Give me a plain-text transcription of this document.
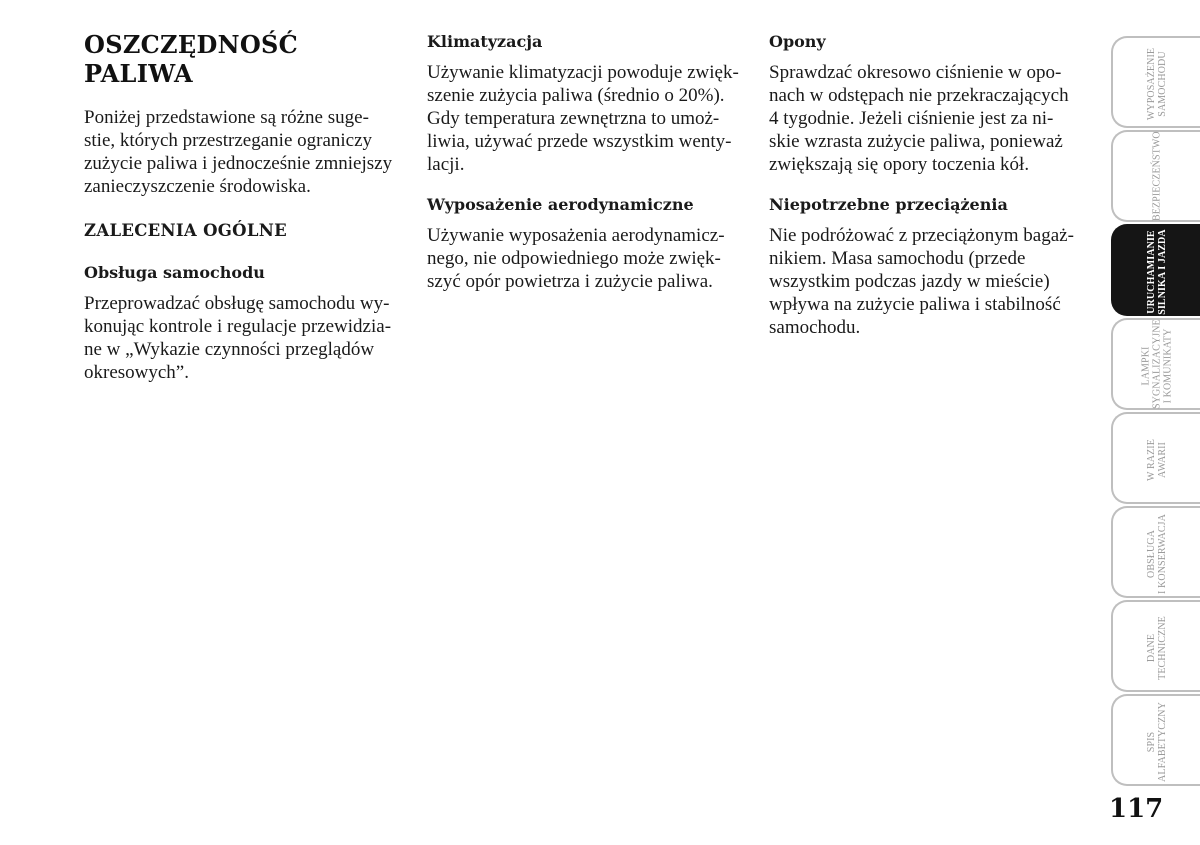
OSZCZĘDNOŚĆ
PALIWA

Poniżej przedstawione są różne suge-
stie, których przestrzeganie ograniczy
zużycie paliwa i jednocześnie zmniejszy
zanieczyszczenie środowiska.

ZALECENIA OGÓLNE
Obsługa samochodu

Przeprowadzać obsługę samochodu wy-
konując kontrole i regulacje przewidzia-
ne w „Wykazie czynności przeglądów
okresowych”.

Klimatyzacja

Używanie klimatyzacji powoduje zwięk-
szenie zużycia paliwa (średnio o 20%).
Gdy temperatura zewnętrzna to umoż-
liwia, używać przede wszystkim wenty-
lacji.

Wyposażenie aerodynamiczne

Używanie wyposażenia aerodynamicz-
nego, nie odpowiedniego może zwięk-
szyć opór powietrza i zużycie paliwa.

Opony

Sprawdzać okresowo ciśnienie w opo-
nach w odstępach nie przekraczających
4 tygodnie. Jeżeli ciśnienie jest za ni-
skie wzrasta zużycie paliwa, ponieważ
zwiększają się opory toczenia kół.

Niepotrzebne przeciążenia

Nie podróżować z przeciążonym bagaż-
nikiem. Masa samochodu (przede
wszystkim podczas jazdy w mieście)
wpływa na zużycie paliwa i stabilność
samochodu.

WYPOSAŻENIE SAMOCHODU
BEZPIECZEŃSTWO
URUCHAMIANIE SILNIKA I JAZDA
LAMPKI SYGNALIZACYJNE I KOMUNIKATY
W RAZIE AWARII
OBSŁUGA I KONSERWACJA
DANE TECHNICZNE
SPIS ALFABETYCZNY
117
